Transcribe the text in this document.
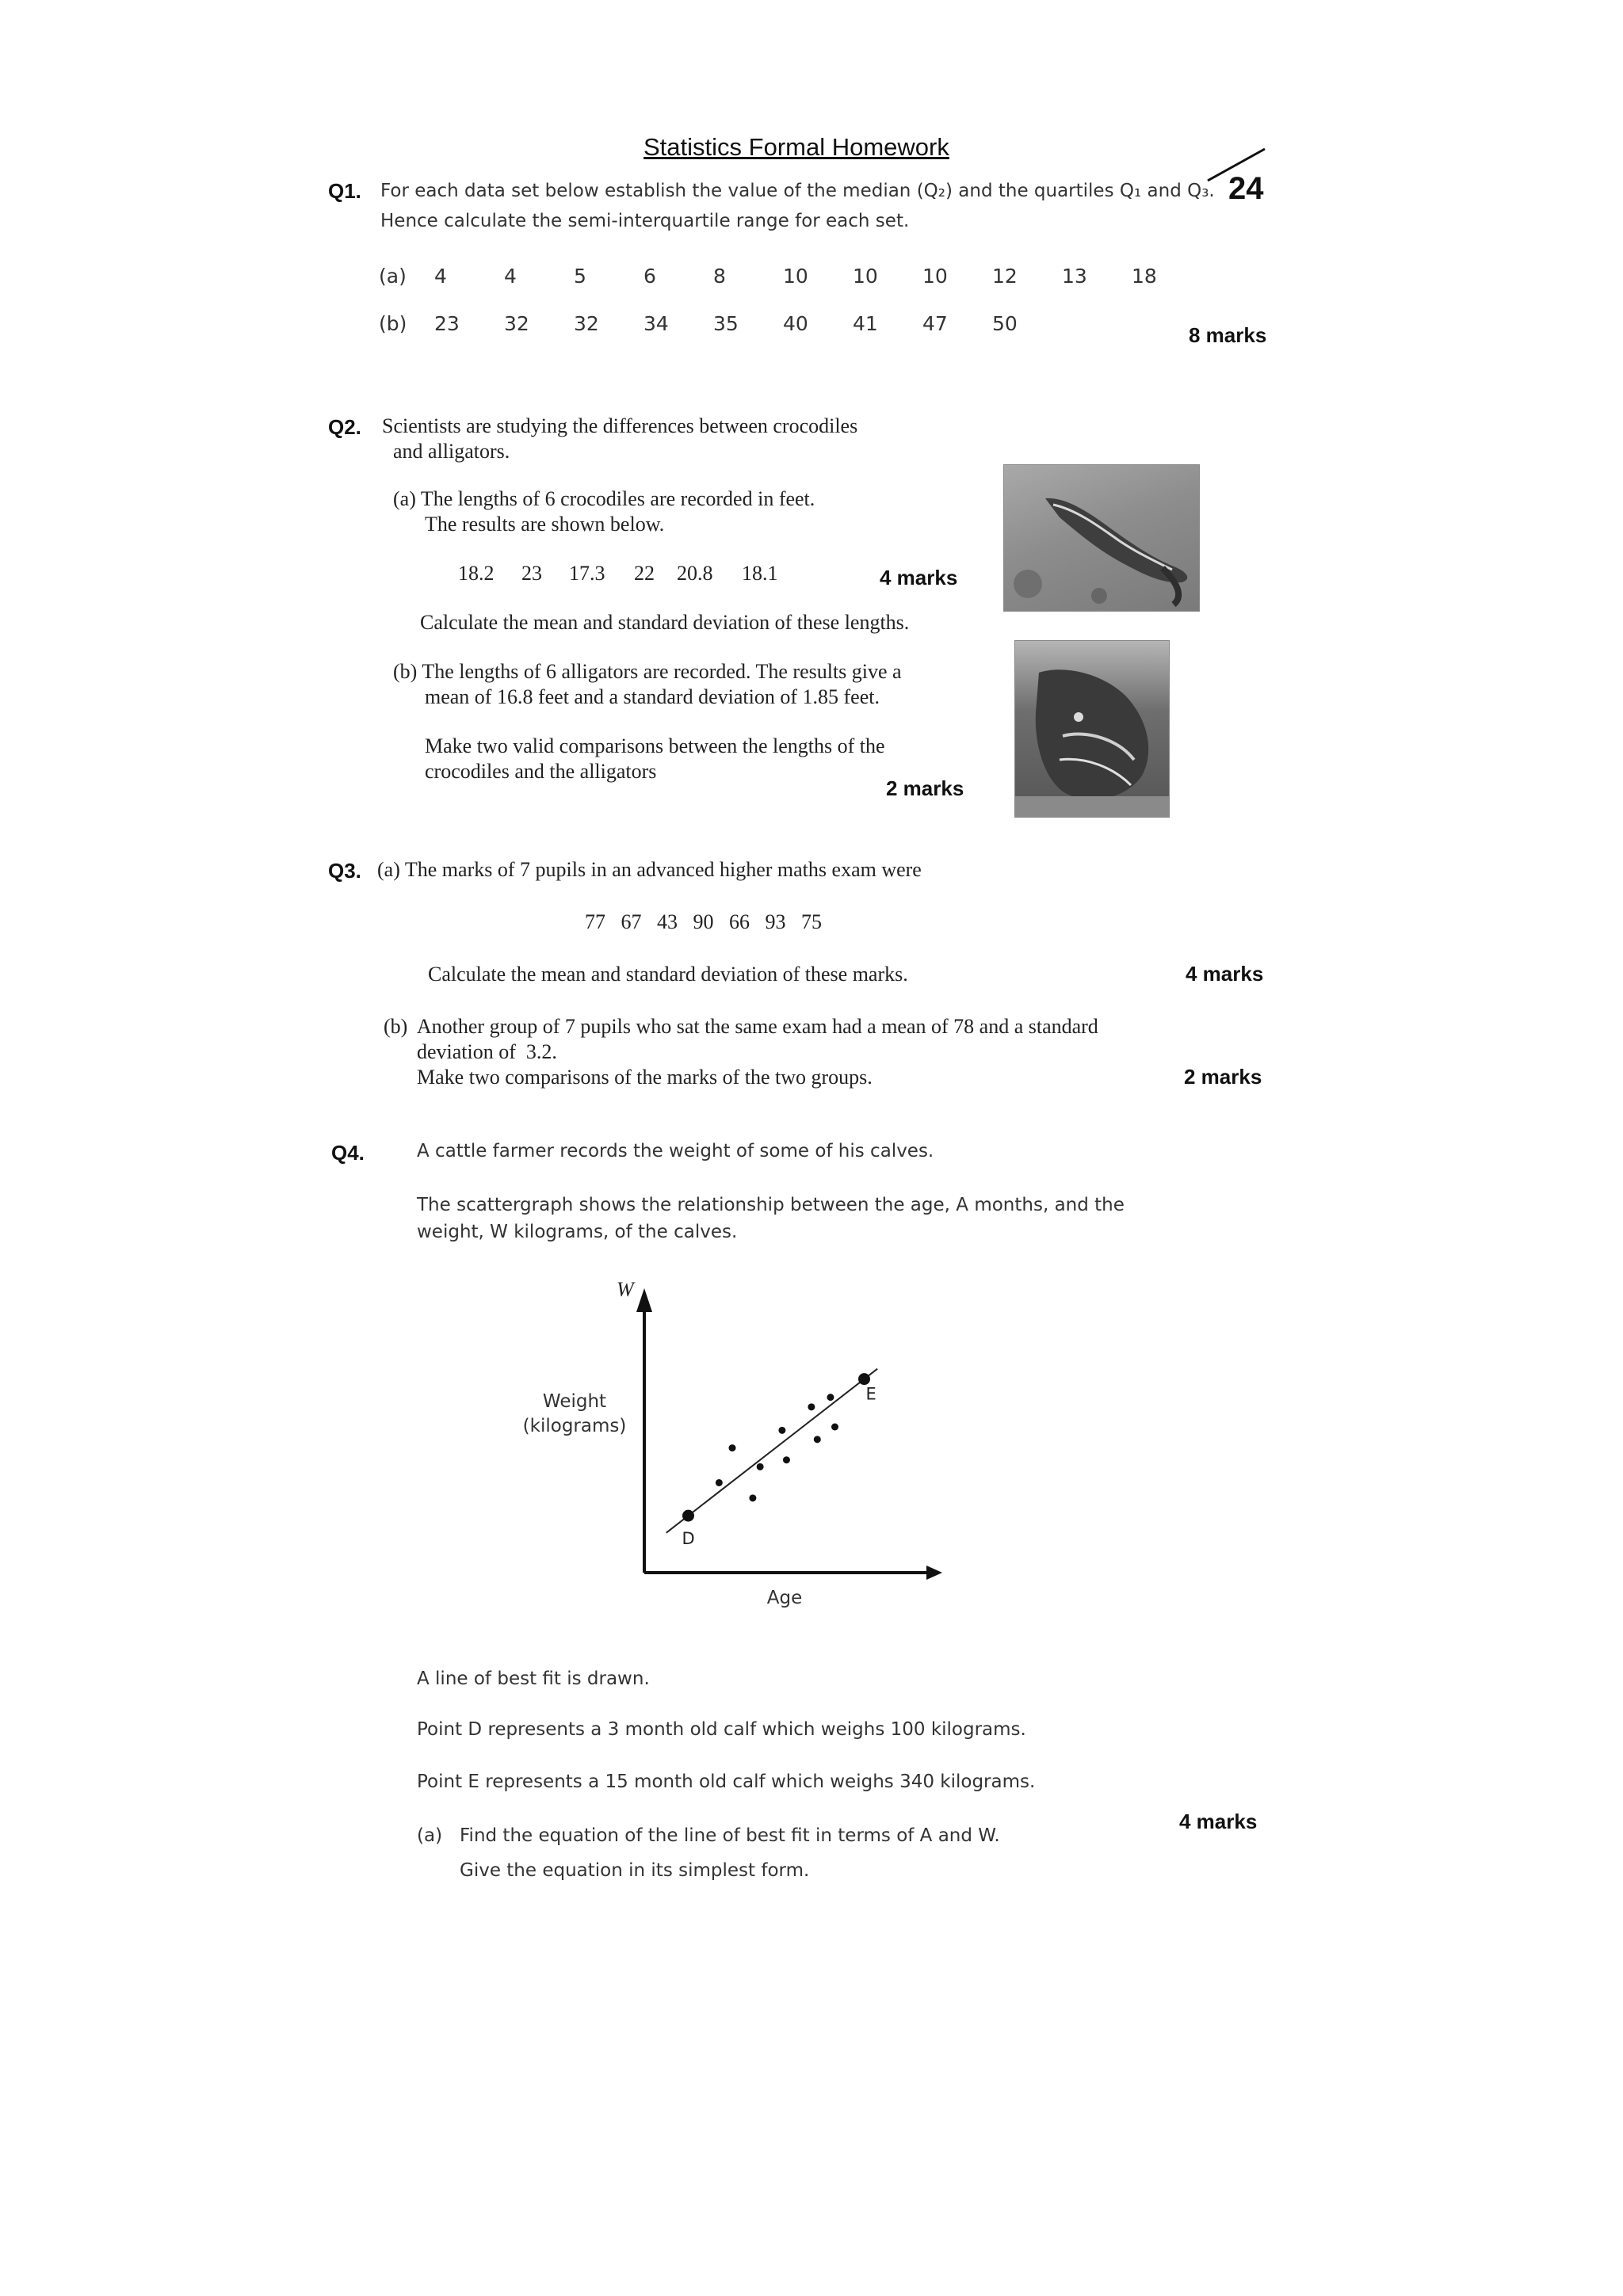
Statistics Formal Homework
24
Q1. For each data set below establish the value of the median (Q₂) and the quartiles Q₁ and Q₃.
Hence calculate the semi-interquartile range for each set.
(a) 4	4	5	6	8	10 10 10 12 13 18
(b) 23 32 32 34 35 40 41 47 50	8 marks
Q2. Scientists are studying the differences between crocodiles
and alligators.
(a) The lengths of 6 crocodiles are recorded in feet.
The results are shown below.
18.2 23 17.3 22 20.8 18.1	4 marks
Calculate the mean and standard deviation of these lengths.
(b) The lengths of 6 alligators are recorded. The results give a
mean of 16.8 feet and a standard deviation of 1.85 feet.
Make two valid comparisons between the lengths of the
crocodiles and the alligators
2 marks
Q3. (a) The marks of 7 pupils in an advanced higher maths exam were
77   67   43   90   66   93   75
Calculate the mean and standard deviation of these marks.	4 marks
(b)  Another group of 7 pupils who sat the same exam had a mean of 78 and a standard
deviation of  3.2.
Make two comparisons of the marks of the two groups.	2 marks
Q4.	A cattle farmer records the weight of some of his calves.
The scattergraph shows the relationship between the age, A months, and the
weight, W kilograms, of the calves.
W
Weight
(kilograms)
Age
D
E
A line of best fit is drawn.
Point D represents a 3 month old calf which weighs 100 kilograms.
Point E represents a 15 month old calf which weighs 340 kilograms.
4 marks
(a) Find the equation of the line of best fit in terms of A and W.
Give the equation in its simplest form.
